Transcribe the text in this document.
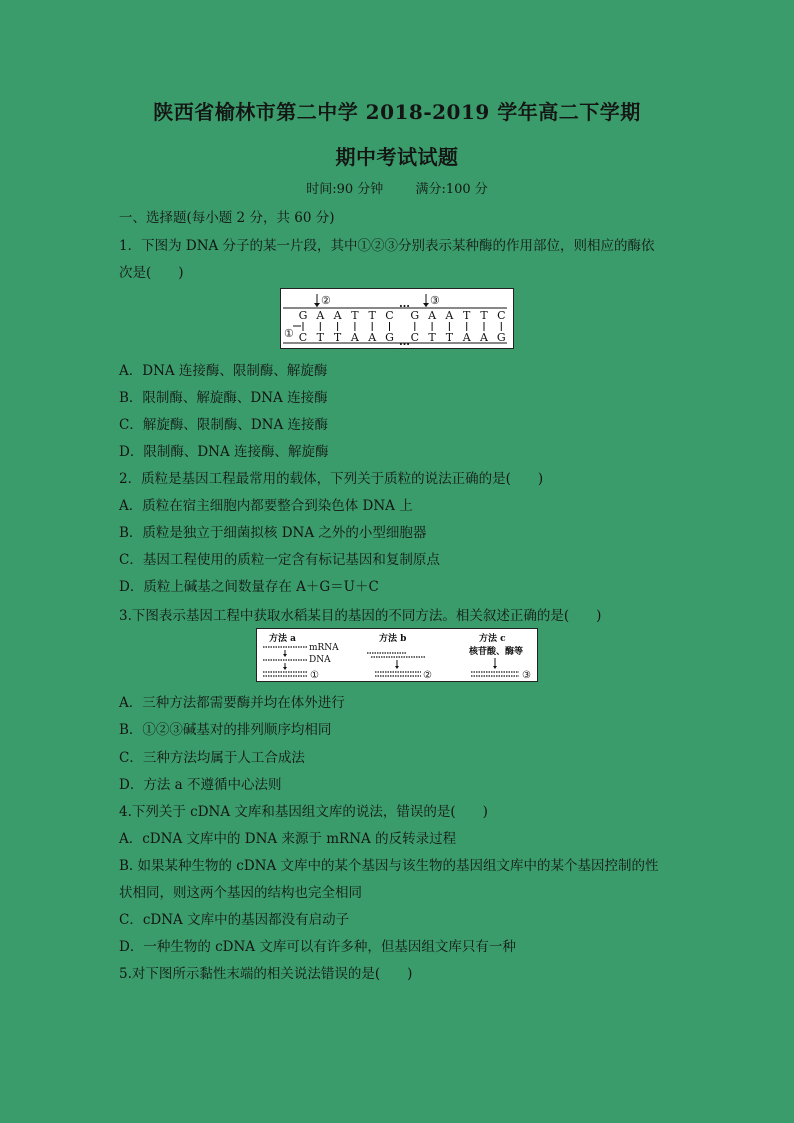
陕西省榆林市第二中学 2018-2019 学年高二下学期
期中考试试题
时间:90 分钟 满分:100 分
一、选择题(每小题 2 分，共 60 分)
1．下图为 DNA 分子的某一片段，其中①②③分别表示某种酶的作用部位，则相应的酶依
次是(　　)
②	③
…
…
①
G A A T T C G A A T T C
C T T A A G C T T A A G
A．DNA 连接酶、限制酶、解旋酶
B．限制酶、解旋酶、DNA 连接酶
C．解旋酶、限制酶、DNA 连接酶
D．限制酶、DNA 连接酶、解旋酶
2．质粒是基因工程最常用的载体，下列关于质粒的说法正确的是(　　)
A．质粒在宿主细胞内都要整合到染色体 DNA 上
B．质粒是独立于细菌拟核 DNA 之外的小型细胞器
C．基因工程使用的质粒一定含有标记基因和复制原点
D．质粒上碱基之间数量存在 A＋G＝U＋C
3.下图表示基因工程中获取水稻某目的基因的不同方法。相关叙述正确的是(　　)
方法 a
mRNA
DNA
①
方法 b
②
方法 c
核苷酸、酶等
③
A．三种方法都需要酶并均在体外进行
B．①②③碱基对的排列顺序均相同
C．三种方法均属于人工合成法
D．方法 a 不遵循中心法则
4.下列关于 cDNA 文库和基因组文库的说法，错误的是(　　)
A．cDNA 文库中的 DNA 来源于 mRNA 的反转录过程
B. 如果某种生物的 cDNA 文库中的某个基因与该生物的基因组文库中的某个基因控制的性
状相同，则这两个基因的结构也完全相同
C．cDNA 文库中的基因都没有启动子
D．一种生物的 cDNA 文库可以有许多种，但基因组文库只有一种
5.对下图所示黏性末端的相关说法错误的是(　　)
